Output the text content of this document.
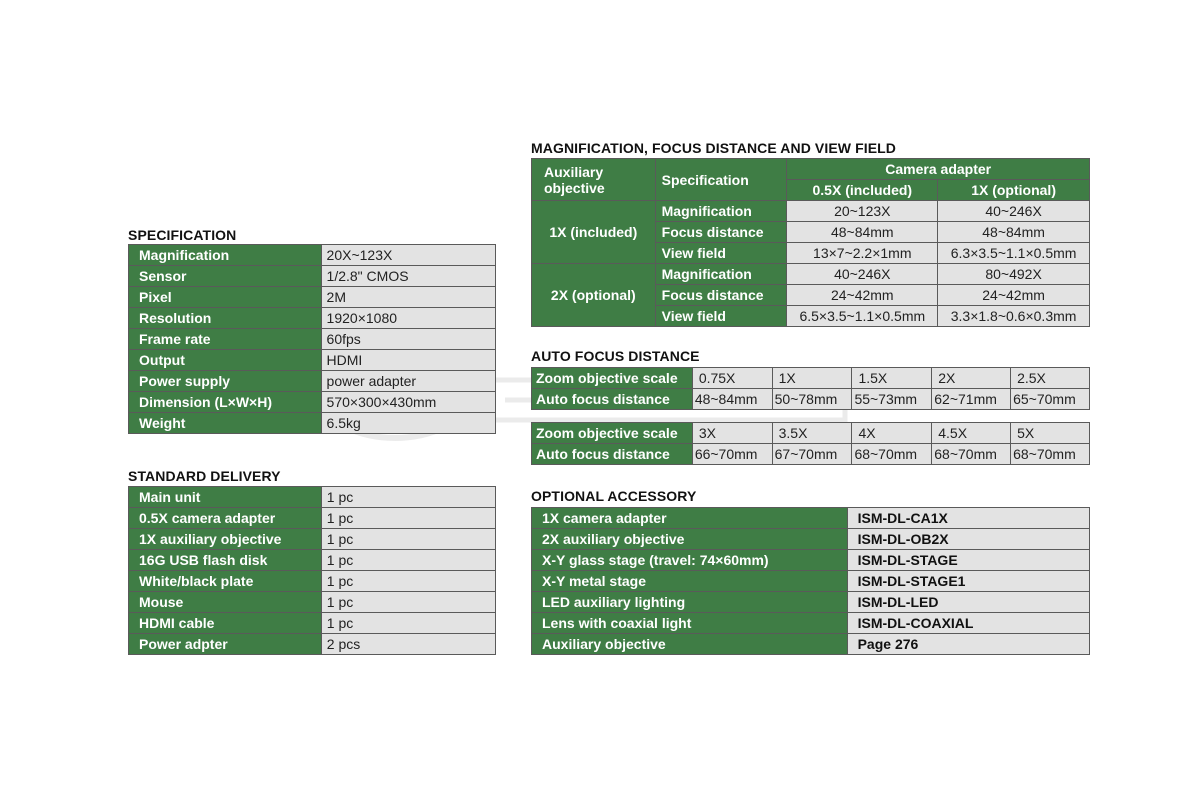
SPECIFICATION
Magnification	20X~123X
Sensor	1/2.8" CMOS
Pixel	2M
Resolution	1920×1080
Frame rate	60fps
Output	HDMI
Power supply	power adapter
Dimension (L×W×H)	570×300×430mm
Weight	6.5kg
STANDARD DELIVERY
Main unit	1 pc
0.5X camera adapter	1 pc
1X auxiliary objective	1 pc
16G USB flash disk	1 pc
White/black plate	1 pc
Mouse	1 pc
HDMI cable	1 pc
Power adpter	2 pcs
MAGNIFICATION, FOCUS DISTANCE AND VIEW FIELD
Auxiliary objective	Specification	Camera adapter	
		0.5X (included)	1X (optional)
1X (included)	Magnification	20~123X	40~246X
	Focus distance	48~84mm	48~84mm
	View field	13×7~2.2×1mm	6.3×3.5~1.1×0.5mm
2X (optional)	Magnification	40~246X	80~492X
	Focus distance	24~42mm	24~42mm
	View field	6.5×3.5~1.1×0.5mm	3.3×1.8~0.6×0.3mm
AUTO FOCUS DISTANCE
Zoom objective scale	0.75X	1X	1.5X	2X	2.5X
Auto focus distance	48~84mm	50~78mm	55~73mm	62~71mm	65~70mm
Zoom objective scale	3X	3.5X	4X	4.5X	5X
Auto focus distance	66~70mm	67~70mm	68~70mm	68~70mm	68~70mm
OPTIONAL ACCESSORY
1X camera adapter	ISM-DL-CA1X
2X auxiliary objective	ISM-DL-OB2X
X-Y glass stage (travel: 74×60mm)	ISM-DL-STAGE
X-Y metal stage	ISM-DL-STAGE1
LED auxiliary lighting	ISM-DL-LED
Lens with coaxial light	ISM-DL-COAXIAL
Auxiliary objective	Page 276
